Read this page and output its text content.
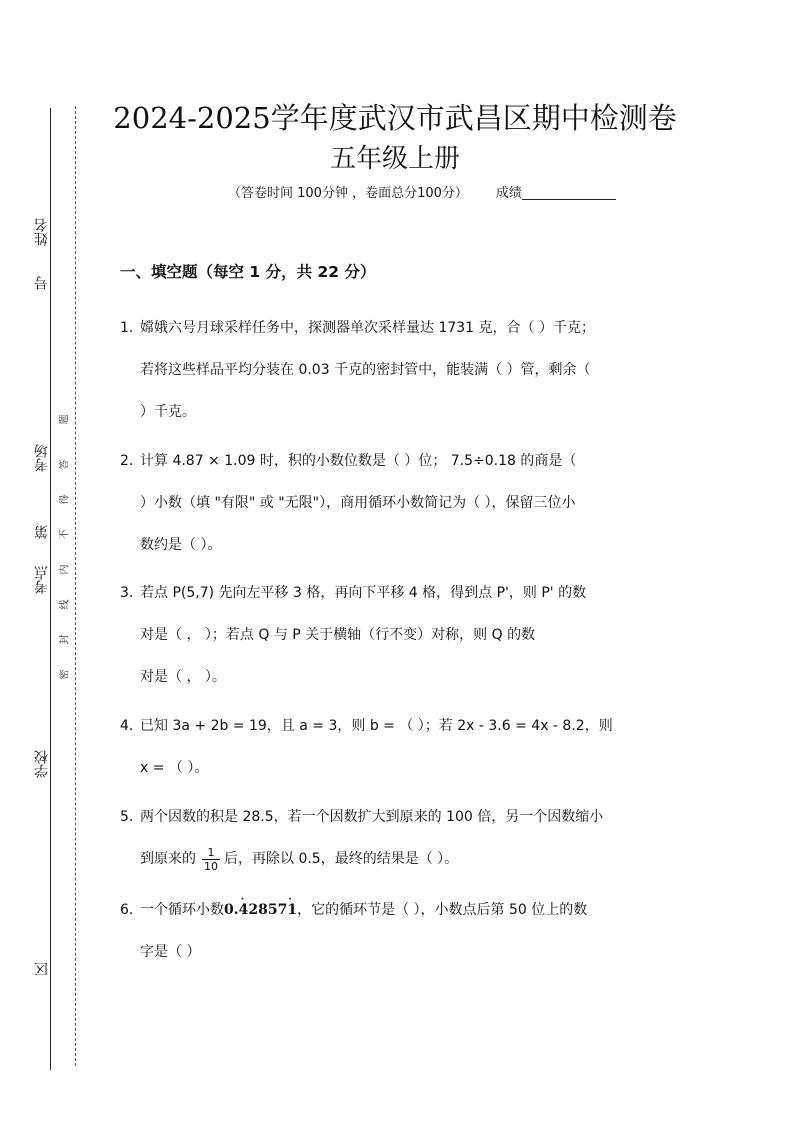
姓名
号
考场
第
考点
学校
区
题
答
得
不
内
线
封
密
2024-2025学年度武汉市武昌区期中检测卷
五年级上册
（答卷时间 100分钟 ，卷面总分100分） 成绩
一、填空题（每空 1 分，共 22 分）
1. 嫦娥六号月球采样任务中，探测器单次采样量达 1731 克，合（ ）千克；
若将这些样品平均分装在 0.03 千克的密封管中，能装满（ ）管，剩余（
）千克。
2. 计算 4.87 × 1.09 时，积的小数位数是（ ）位； 7.5÷0.18 的商是（
）小数（填 "有限" 或 "无限"），商用循环小数简记为（ ），保留三位小
数约是（ ）。
3. 若点 P(5,7) 先向左平移 3 格，再向下平移 4 格，得到点 P'，则 P' 的数
对是（ ， ）；若点 Q 与 P 关于横轴（行不变）对称，则 Q 的数
对是（ ， ）。
4. 已知 3a + 2b = 19，且 a = 3，则 b = （ ）；若 2x - 3.6 = 4x - 8.2，则
x = （ ）。
5. 两个因数的积是 28.5，若一个因数扩大到原来的 100 倍，另一个因数缩小
到原来的 $\frac{1}{10}$ 后，再除以 0.5，最终的结果是（ ）。
6. 一个循环小数0.4
·
28571
·
，它的循环节是（ ），小数点后第 50 位上的数
字是（ ）
